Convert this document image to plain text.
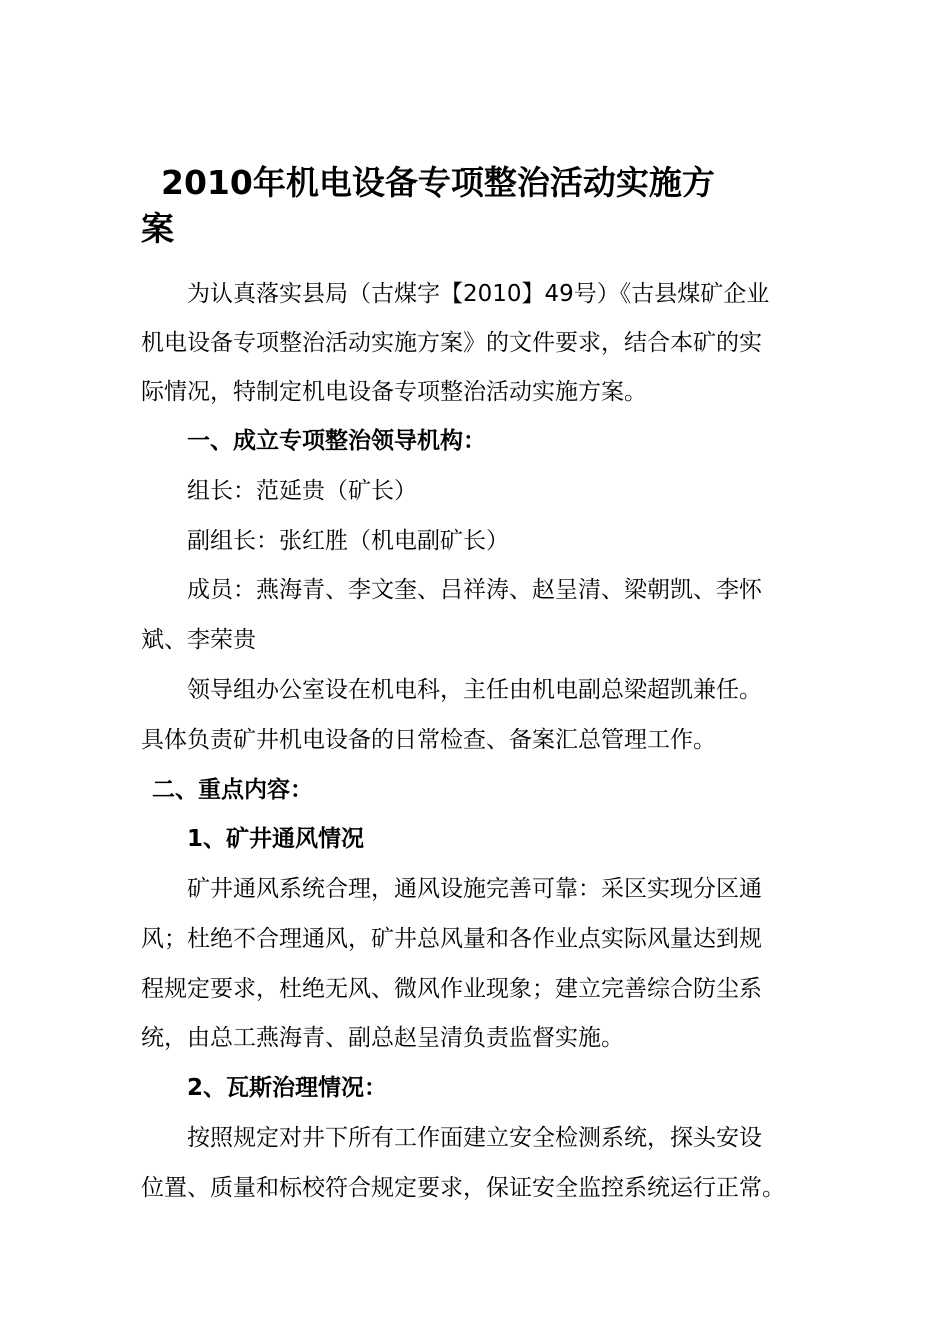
2010年机电设备专项整治活动实施方
案

为认真落实县局（古煤字【2010】49号）《古县煤矿企业

机电设备专项整治活动实施方案》的文件要求，结合本矿的实

际情况，特制定机电设备专项整治活动实施方案。

一、成立专项整治领导机构：

组长：范延贵（矿长）

副组长：张红胜（机电副矿长）

成员：燕海青、李文奎、吕祥涛、赵呈清、梁朝凯、李怀

斌、李荣贵

领导组办公室设在机电科，主任由机电副总梁超凯兼任。

具体负责矿井机电设备的日常检查、备案汇总管理工作。

二、重点内容：

1、矿井通风情况

矿井通风系统合理，通风设施完善可靠：采区实现分区通

风；杜绝不合理通风，矿井总风量和各作业点实际风量达到规

程规定要求，杜绝无风、微风作业现象；建立完善综合防尘系

统，由总工燕海青、副总赵呈清负责监督实施。

2、瓦斯治理情况：

按照规定对井下所有工作面建立安全检测系统，探头安设

位置、质量和标校符合规定要求，保证安全监控系统运行正常。
